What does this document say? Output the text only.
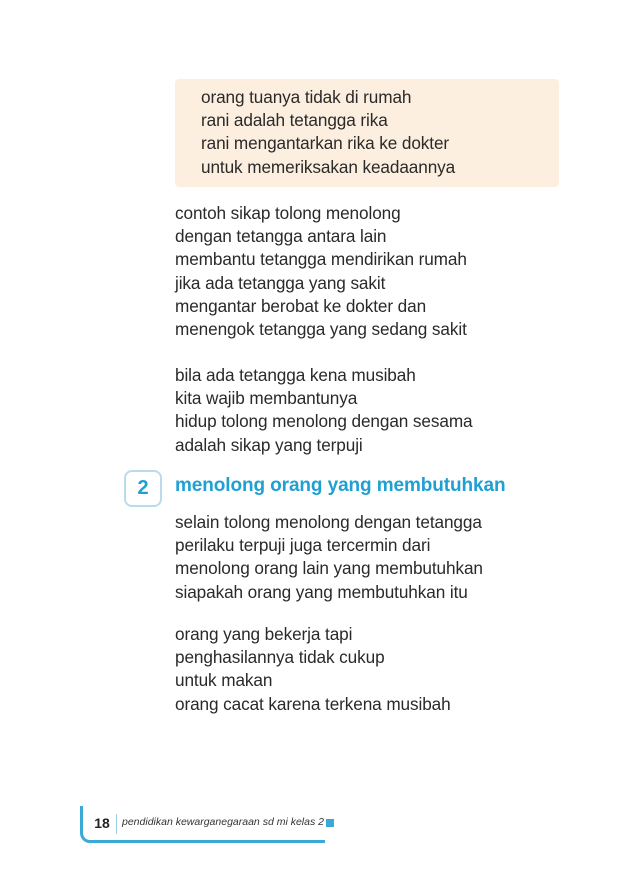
orang tuanya tidak di rumah
rani adalah tetangga rika
rani mengantarkan rika ke dokter
untuk memeriksakan keadaannya
contoh sikap tolong menolong
dengan tetangga antara lain
membantu tetangga mendirikan rumah
jika ada tetangga yang sakit
mengantar berobat ke dokter dan
menengok tetangga yang sedang sakit
bila ada tetangga kena musibah
kita wajib membantunya
hidup tolong menolong dengan sesama
adalah sikap yang terpuji
2	menolong orang yang membutuhkan
selain tolong menolong dengan tetangga
perilaku terpuji juga tercermin dari
menolong orang lain yang membutuhkan
siapakah orang yang membutuhkan itu
orang yang bekerja tapi
penghasilannya tidak cukup
untuk makan
orang cacat karena terkena musibah
18	pendidikan kewarganegaraan sd mi kelas 2
